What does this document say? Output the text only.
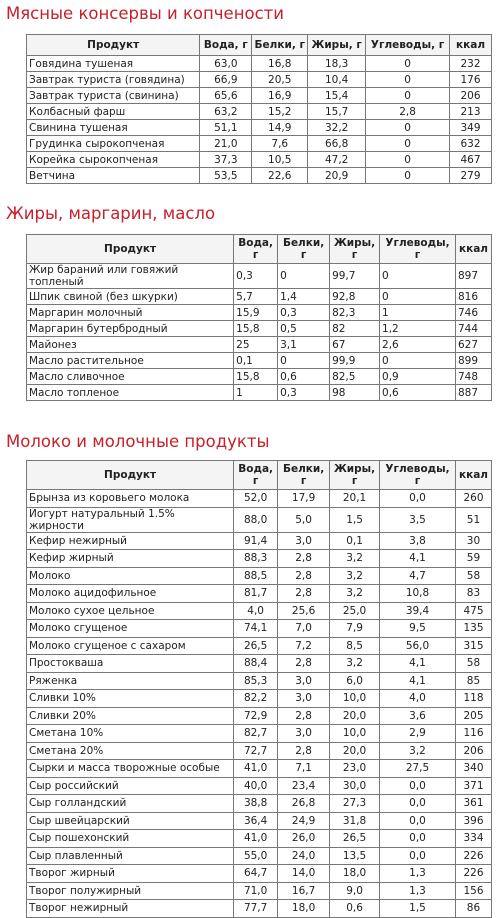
Мясные консервы и копчености
Продукт	Вода, г	Белки, г	Жиры, г	Углеводы, г	ккал
Говядина тушеная	63,0	16,8	18,3	0	232
Завтрак туриста (говядина)	66,9	20,5	10,4	0	176
Завтрак туриста (свинина)	65,6	16,9	15,4	0	206
Колбасный фарш	63,2	15,2	15,7	2,8	213
Свинина тушеная	51,1	14,9	32,2	0	349
Грудинка сырокопченая	21,0	7,6	66,8	0	632
Корейка сырокопченая	37,3	10,5	47,2	0	467
Ветчина	53,5	22,6	20,9	0	279
Жиры, маргарин, масло
Продукт	Вода, г	Белки, г	Жиры, г	Углеводы, г	ккал
Жир бараний или говяжий топленый	0,3	0	99,7	0	897
Шпик свиной (без шкурки)	5,7	1,4	92,8	0	816
Маргарин молочный	15,9	0,3	82,3	1	746
Маргарин бутербродный	15,8	0,5	82	1,2	744
Майонез	25	3,1	67	2,6	627
Масло растительное	0,1	0	99,9	0	899
Масло сливочное	15,8	0,6	82,5	0,9	748
Масло топленое	1	0,3	98	0,6	887
Молоко и молочные продукты
Продукт	Вода, г	Белки, г	Жиры, г	Углеводы, г	ккал
Брынза из коровьего молока	52,0	17,9	20,1	0,0	260
Йогурт натуральный 1.5% жирности	88,0	5,0	1,5	3,5	51
Кефир нежирный	91,4	3,0	0,1	3,8	30
Кефир жирный	88,3	2,8	3,2	4,1	59
Молоко	88,5	2,8	3,2	4,7	58
Молоко ацидофильное	81,7	2,8	3,2	10,8	83
Молоко сухое цельное	4,0	25,6	25,0	39,4	475
Молоко сгущеное	74,1	7,0	7,9	9,5	135
Молоко сгущеное с сахаром	26,5	7,2	8,5	56,0	315
Простокваша	88,4	2,8	3,2	4,1	58
Ряженка	85,3	3,0	6,0	4,1	85
Сливки 10%	82,2	3,0	10,0	4,0	118
Сливки 20%	72,9	2,8	20,0	3,6	205
Сметана 10%	82,7	3,0	10,0	2,9	116
Сметана 20%	72,7	2,8	20,0	3,2	206
Сырки и масса творожные особые	41,0	7,1	23,0	27,5	340
Сыр российский	40,0	23,4	30,0	0,0	371
Сыр голландский	38,8	26,8	27,3	0,0	361
Сыр швейцарский	36,4	24,9	31,8	0,0	396
Сыр пошехонский	41,0	26,0	26,5	0,0	334
Сыр плавленный	55,0	24,0	13,5	0,0	226
Творог жирный	64,7	14,0	18,0	1,3	226
Творог полужирный	71,0	16,7	9,0	1,3	156
Творог нежирный	77,7	18,0	0,6	1,5	86
